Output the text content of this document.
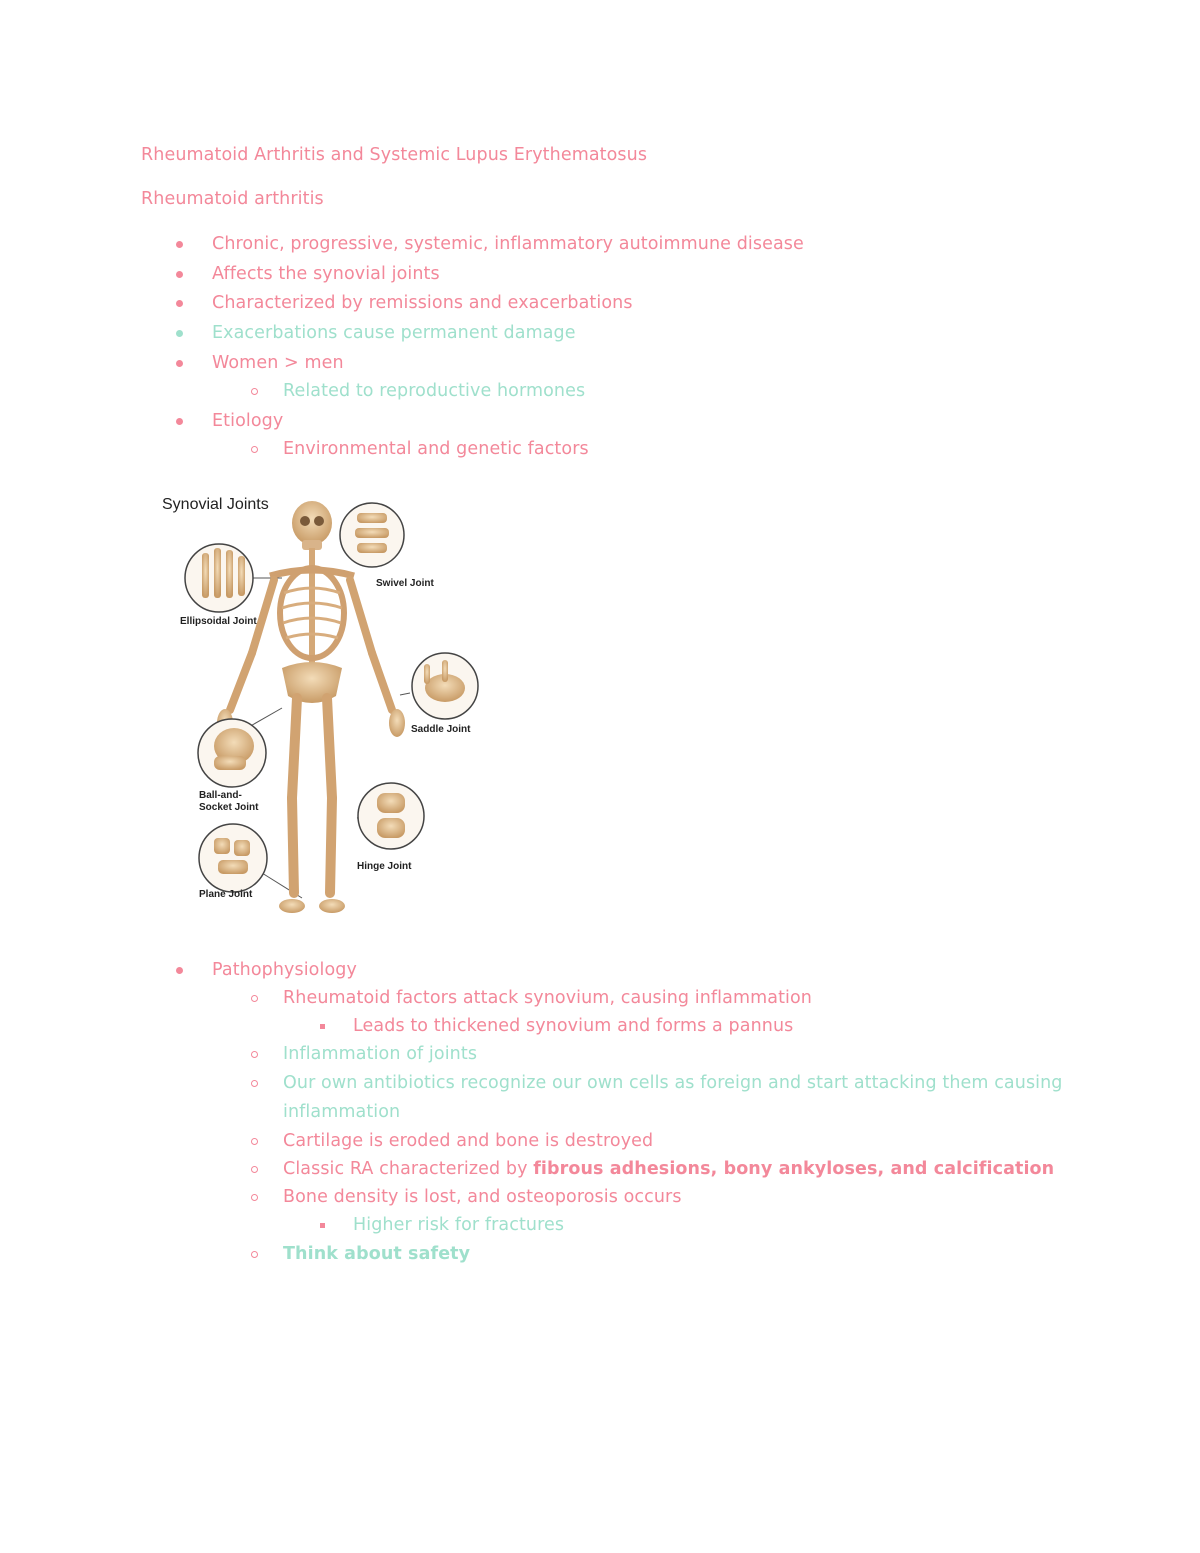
Rheumatoid Arthritis and Systemic Lupus Erythematosus
Rheumatoid arthritis
Chronic, progressive, systemic, inflammatory autoimmune disease
Affects the synovial joints
Characterized by remissions and exacerbations
Exacerbations cause permanent damage
Women > men
Related to reproductive hormones
Etiology
Environmental and genetic factors
Synovial Joints
Swivel Joint
Ellipsoidal Joint
Saddle Joint
Ball-and-
Socket Joint
Hinge Joint
Plane Joint
Pathophysiology
Rheumatoid factors attack synovium, causing inflammation
Leads to thickened synovium and forms a pannus
Inflammation of joints
Our own antibiotics recognize our own cells as foreign and start attacking them causing
inflammation
Cartilage is eroded and bone is destroyed
Classic RA characterized by fibrous adhesions, bony ankyloses, and calcification
Bone density is lost, and osteoporosis occurs
Higher risk for fractures
Think about safety
